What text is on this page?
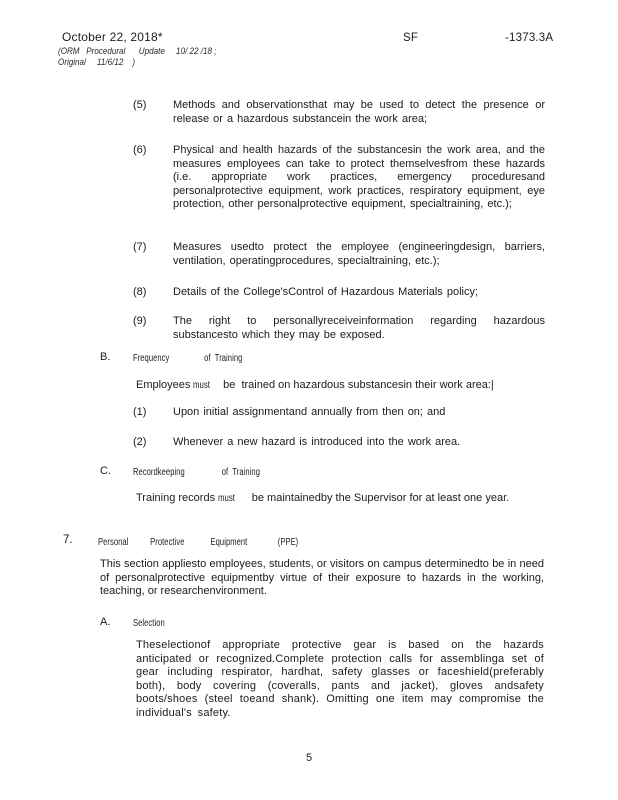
October 22, 2018*
(ORM   Procedural      Update     10/ 22 /18 ;
Original     11/6/12    )
SF	-1373.3A
(5)	Methods and observationsthat may be used to detect the presence or release or a hazardous substancein the work area;
(6)	Physical and health hazards of the substancesin the work area, and the measures employees can take to protect themselvesfrom these hazards (i.e. appropriate work practices, emergency proceduresand personalprotective equipment, work practices, respiratory equipment, eye protection, other personalprotective equipment, specialtraining, etc.);
(7)	Measures usedto protect the employee (engineeringdesign, barriers, ventilation, operatingprocedures, specialtraining, etc.);
(8)	Details of the College'sControl of Hazardous Materials policy;
(9)	The right to personallyreceiveinformation regarding hazardous substancesto which they may be exposed.
B. Frequency                of  Training
Employees must be  trained on hazardous substancesin their work area:|
(1)	Upon initial assignmentand annually from then on; and
(2)	Whenever a new hazard is introduced into the work area.
C. Recordkeeping                 of  Training
Training records must be maintainedby the Supervisor for at least one year.
7. Personal          Protective            Equipment              (PPE)
This section appliesto employees, students, or visitors on campus determinedto be in need of personalprotective equipmentby virtue of their exposure to hazards in the working, teaching, or researchenvironment.
A. Selection
Theselectionof appropriate protective gear is based on the hazards anticipated or recognized.Complete protection calls for assemblinga set of gear including respirator, hardhat, safety glasses or faceshield(preferably both), body covering (coveralls, pants and jacket), gloves andsafety boots/shoes (steel toeand shank). Omitting one item may compromise the individual's safety.
5
